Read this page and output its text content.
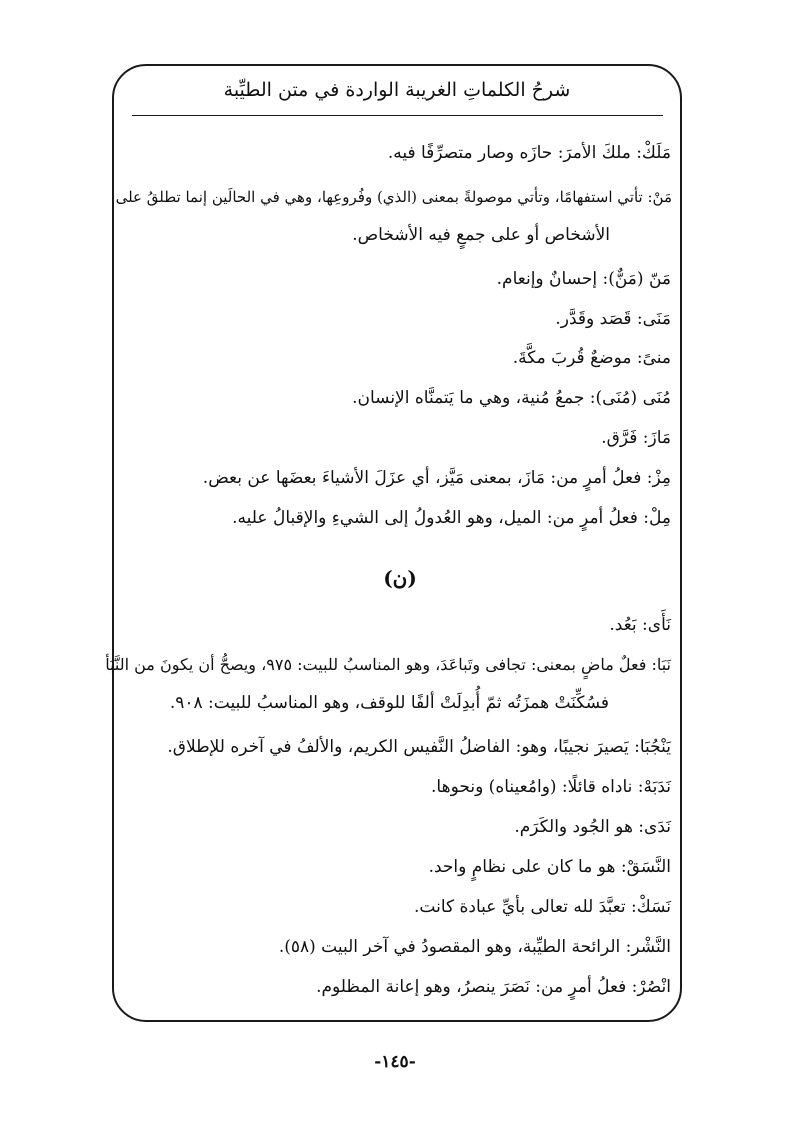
شرحُ الكلماتِ الغريبة الواردة في متن الطيِّبة
مَلَكْ: ملكَ الأمرَ: حازَه وصار متصرِّفًا فيه.
مَنْ: تأتي استفهامًا، وتأتي موصولةً بمعنى (الذي) وفُروعِها، وهي في الحالَين إنما تطلقُ على
الأشخاص أو على جمعٍ فيه الأشخاص.
مَنّ (مَنٌّ): إحسانٌ وإنعام.
مَنَى: قَصَد وقَدَّر.
منىً: موضعٌ قُربَ مكَّةَ.
مُنَى (مُنَى): جمعُ مُنية، وهي ما يَتمنَّاه الإنسان.
مَازَ: فَرَّق.
مِزْ: فعلُ أمرٍ من: مَازَ، بمعنى مَيَّز، أي عزَلَ الأشياءَ بعضَها عن بعض.
مِلْ: فعلُ أمرٍ من: الميل، وهو العُدولُ إلى الشيءِ والإقبالُ عليه.
(ن)
نَأَى: بَعُد.
نَبَا: فعلٌ ماضٍ بمعنى: تجافى وتَباعَدَ، وهو المناسبُ للبيت: ٩٧٥، ويصحُّ أن يكونَ من النَّبَأ
فسُكِّنَتْ همزَتُه ثمّ أُبدِلَتْ ألفًا للوقف، وهو المناسبُ للبيت: ٩٠٨.
يَنْجُبَا: يَصيرَ نجيبًا، وهو: الفاضلُ النَّفيس الكريم، والألفُ في آخره للإطلاق.
نَدَبَهْ: ناداه قائلًا: (وامُعيناه) ونحوها.
نَدَى: هو الجُود والكَرَم.
النَّسَقْ: هو ما كان على نظامٍ واحد.
نَسَكْ: تعبَّدَ لله تعالى بأيِّ عبادة كانت.
النَّشْر: الرائحة الطيِّبة، وهو المقصودُ في آخر البيت (٥٨).
انْصُرْ: فعلُ أمرٍ من: نَصَرَ ينصرُ، وهو إعانة المظلوم.
-١٤٥-
